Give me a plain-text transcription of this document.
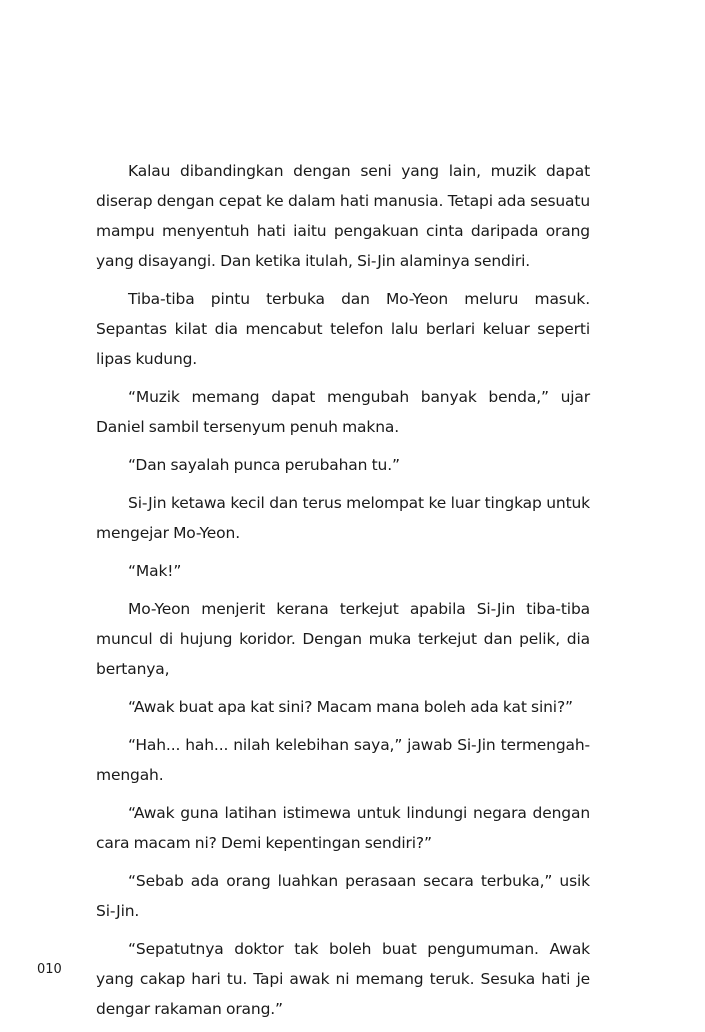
Kalau dibandingkan dengan seni yang lain, muzik dapat diserap dengan cepat ke dalam hati manusia. Tetapi ada sesuatu mampu menyentuh hati iaitu pengakuan cinta daripada orang yang disayangi. Dan ketika itulah, Si-Jin alaminya sendiri.

Tiba-tiba pintu terbuka dan Mo-Yeon meluru masuk. Sepantas kilat dia mencabut telefon lalu berlari keluar seperti lipas kudung.

“Muzik memang dapat mengubah banyak benda,” ujar Daniel sambil tersenyum penuh makna.

“Dan sayalah punca perubahan tu.”

Si-Jin ketawa kecil dan terus melompat ke luar tingkap untuk mengejar Mo-Yeon.

“Mak!”

Mo-Yeon menjerit kerana terkejut apabila Si-Jin tiba-tiba muncul di hujung koridor. Dengan muka terkejut dan pelik, dia bertanya,

“Awak buat apa kat sini? Macam mana boleh ada kat sini?”

“Hah... hah... nilah kelebihan saya,” jawab Si-Jin termengah-mengah.

“Awak guna latihan istimewa untuk lindungi negara dengan cara macam ni? Demi kepentingan sendiri?”

“Sebab ada orang luahkan perasaan secara terbuka,” usik Si-Jin.

“Sepatutnya doktor tak boleh buat pengumuman. Awak yang cakap hari tu. Tapi awak ni memang teruk. Sesuka hati je dengar rakaman orang.”

010
